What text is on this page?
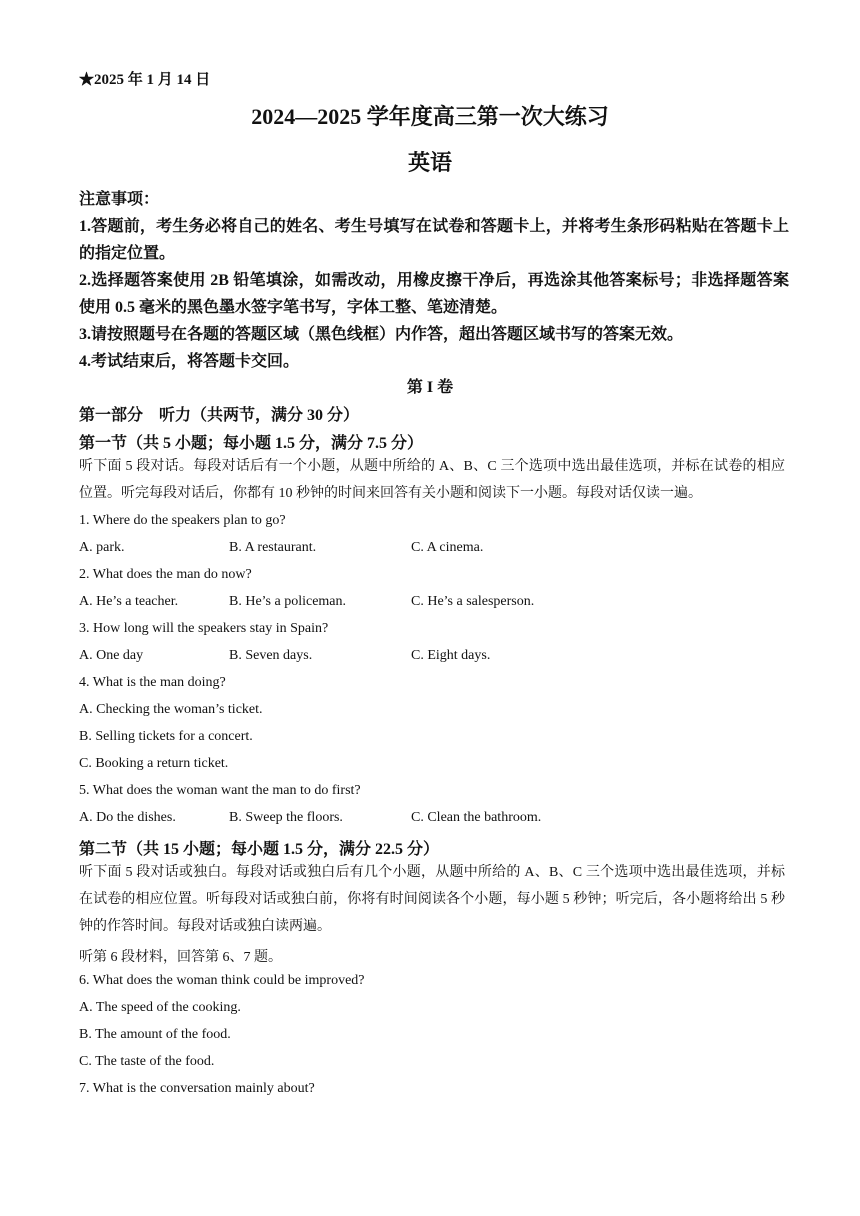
★2025 年 1 月 14 日
2024—2025 学年度高三第一次大练习
英语

注意事项：

1.答题前，考生务必将自己的姓名、考生号填写在试卷和答题卡上，并将考生条形码粘贴在答题卡上的指定位置。

2.选择题答案使用 2B 铅笔填涂，如需改动，用橡皮擦干净后，再选涂其他答案标号；非选择题答案使用 0.5 毫米的黑色墨水签字笔书写，字体工整、笔迹清楚。

3.请按照题号在各题的答题区域（黑色线框）内作答，超出答题区域书写的答案无效。

4.考试结束后，将答题卡交回。

第 I 卷
第一部分　听力（共两节，满分 30 分）
第一节（共 5 小题；每小题 1.5 分，满分 7.5 分）
听下面 5 段对话。每段对话后有一个小题，从题中所给的 A、B、C 三个选项中选出最佳选项，并标在试卷的相应位置。听完每段对话后，你都有 10 秒钟的时间来回答有关小题和阅读下一小题。每段对话仅读一遍。
1. Where do the speakers plan to go?
A. park.	B. A restaurant.	C. A cinema.
2. What does the man do now?
A. He’s a teacher.	B. He’s a policeman.	C. He’s a salesperson.
3. How long will the speakers stay in Spain?
A. One day	B. Seven days.	C. Eight days.
4. What is the man doing?
A. Checking the woman’s ticket.
B. Selling tickets for a concert.
C. Booking a return ticket.
5. What does the woman want the man to do first?
A. Do the dishes.	B. Sweep the floors.	C. Clean the bathroom.
第二节（共 15 小题；每小题 1.5 分，满分 22.5 分）
听下面 5 段对话或独白。每段对话或独白后有几个小题，从题中所给的 A、B、C 三个选项中选出最佳选项，并标在试卷的相应位置。听每段对话或独白前，你将有时间阅读各个小题，每小题 5 秒钟；听完后，各小题将给出 5 秒钟的作答时间。每段对话或独白读两遍。
听第 6 段材料，回答第 6、7 题。
6. What does the woman think could be improved?
A. The speed of the cooking.
B. The amount of the food.
C. The taste of the food.
7. What is the conversation mainly about?
